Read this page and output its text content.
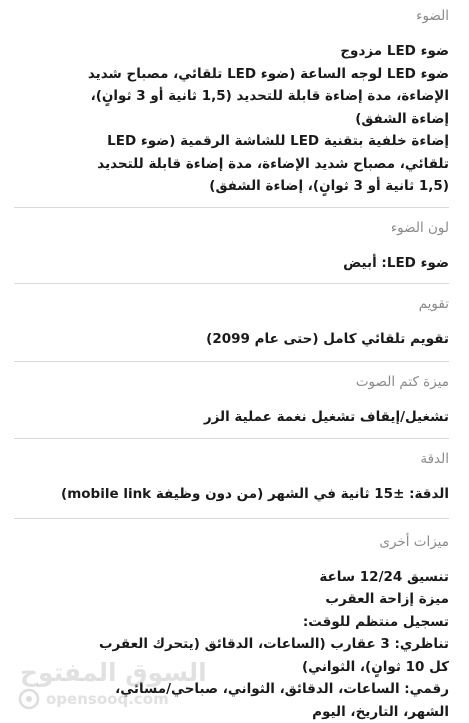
الضوء

ضوء LED مزدوج
ضوء LED لوجه الساعة (ضوء LED تلقائي، مصباح شديد
الإضاءة، مدة إضاءة قابلة للتحديد (1,5 ثانية أو 3 ثوانٍ)،
إضاءة الشفق)
إضاءة خلفية بتقنية LED للشاشة الرقمية (ضوء LED
تلقائي، مصباح شديد الإضاءة، مدة إضاءة قابلة للتحديد
(1,5 ثانية أو 3 ثوانٍ)، إضاءة الشفق)

لون الضوء

ضوء LED: أبيض

تقويم

تقويم تلقائي كامل (حتى عام 2099)

ميزة كتم الصوت

تشغيل/إيقاف تشغيل نغمة عملية الزر

الدقة

الدقة: ±15 ثانية في الشهر (من دون وظيفة mobile link)

ميزات أخرى

تنسيق 12/24 ساعة
ميزة إزاحة العقرب
تسجيل منتظم للوقت:
تناظري: 3 عقارب (الساعات، الدقائق (يتحرك العقرب
كل 10 ثوانٍ)، الثواني)
رقمي: الساعات، الدقائق، الثواني، صباحي/مسائي،
الشهر، التاريخ، اليوم
السوق المفتوح
opensooq.com
